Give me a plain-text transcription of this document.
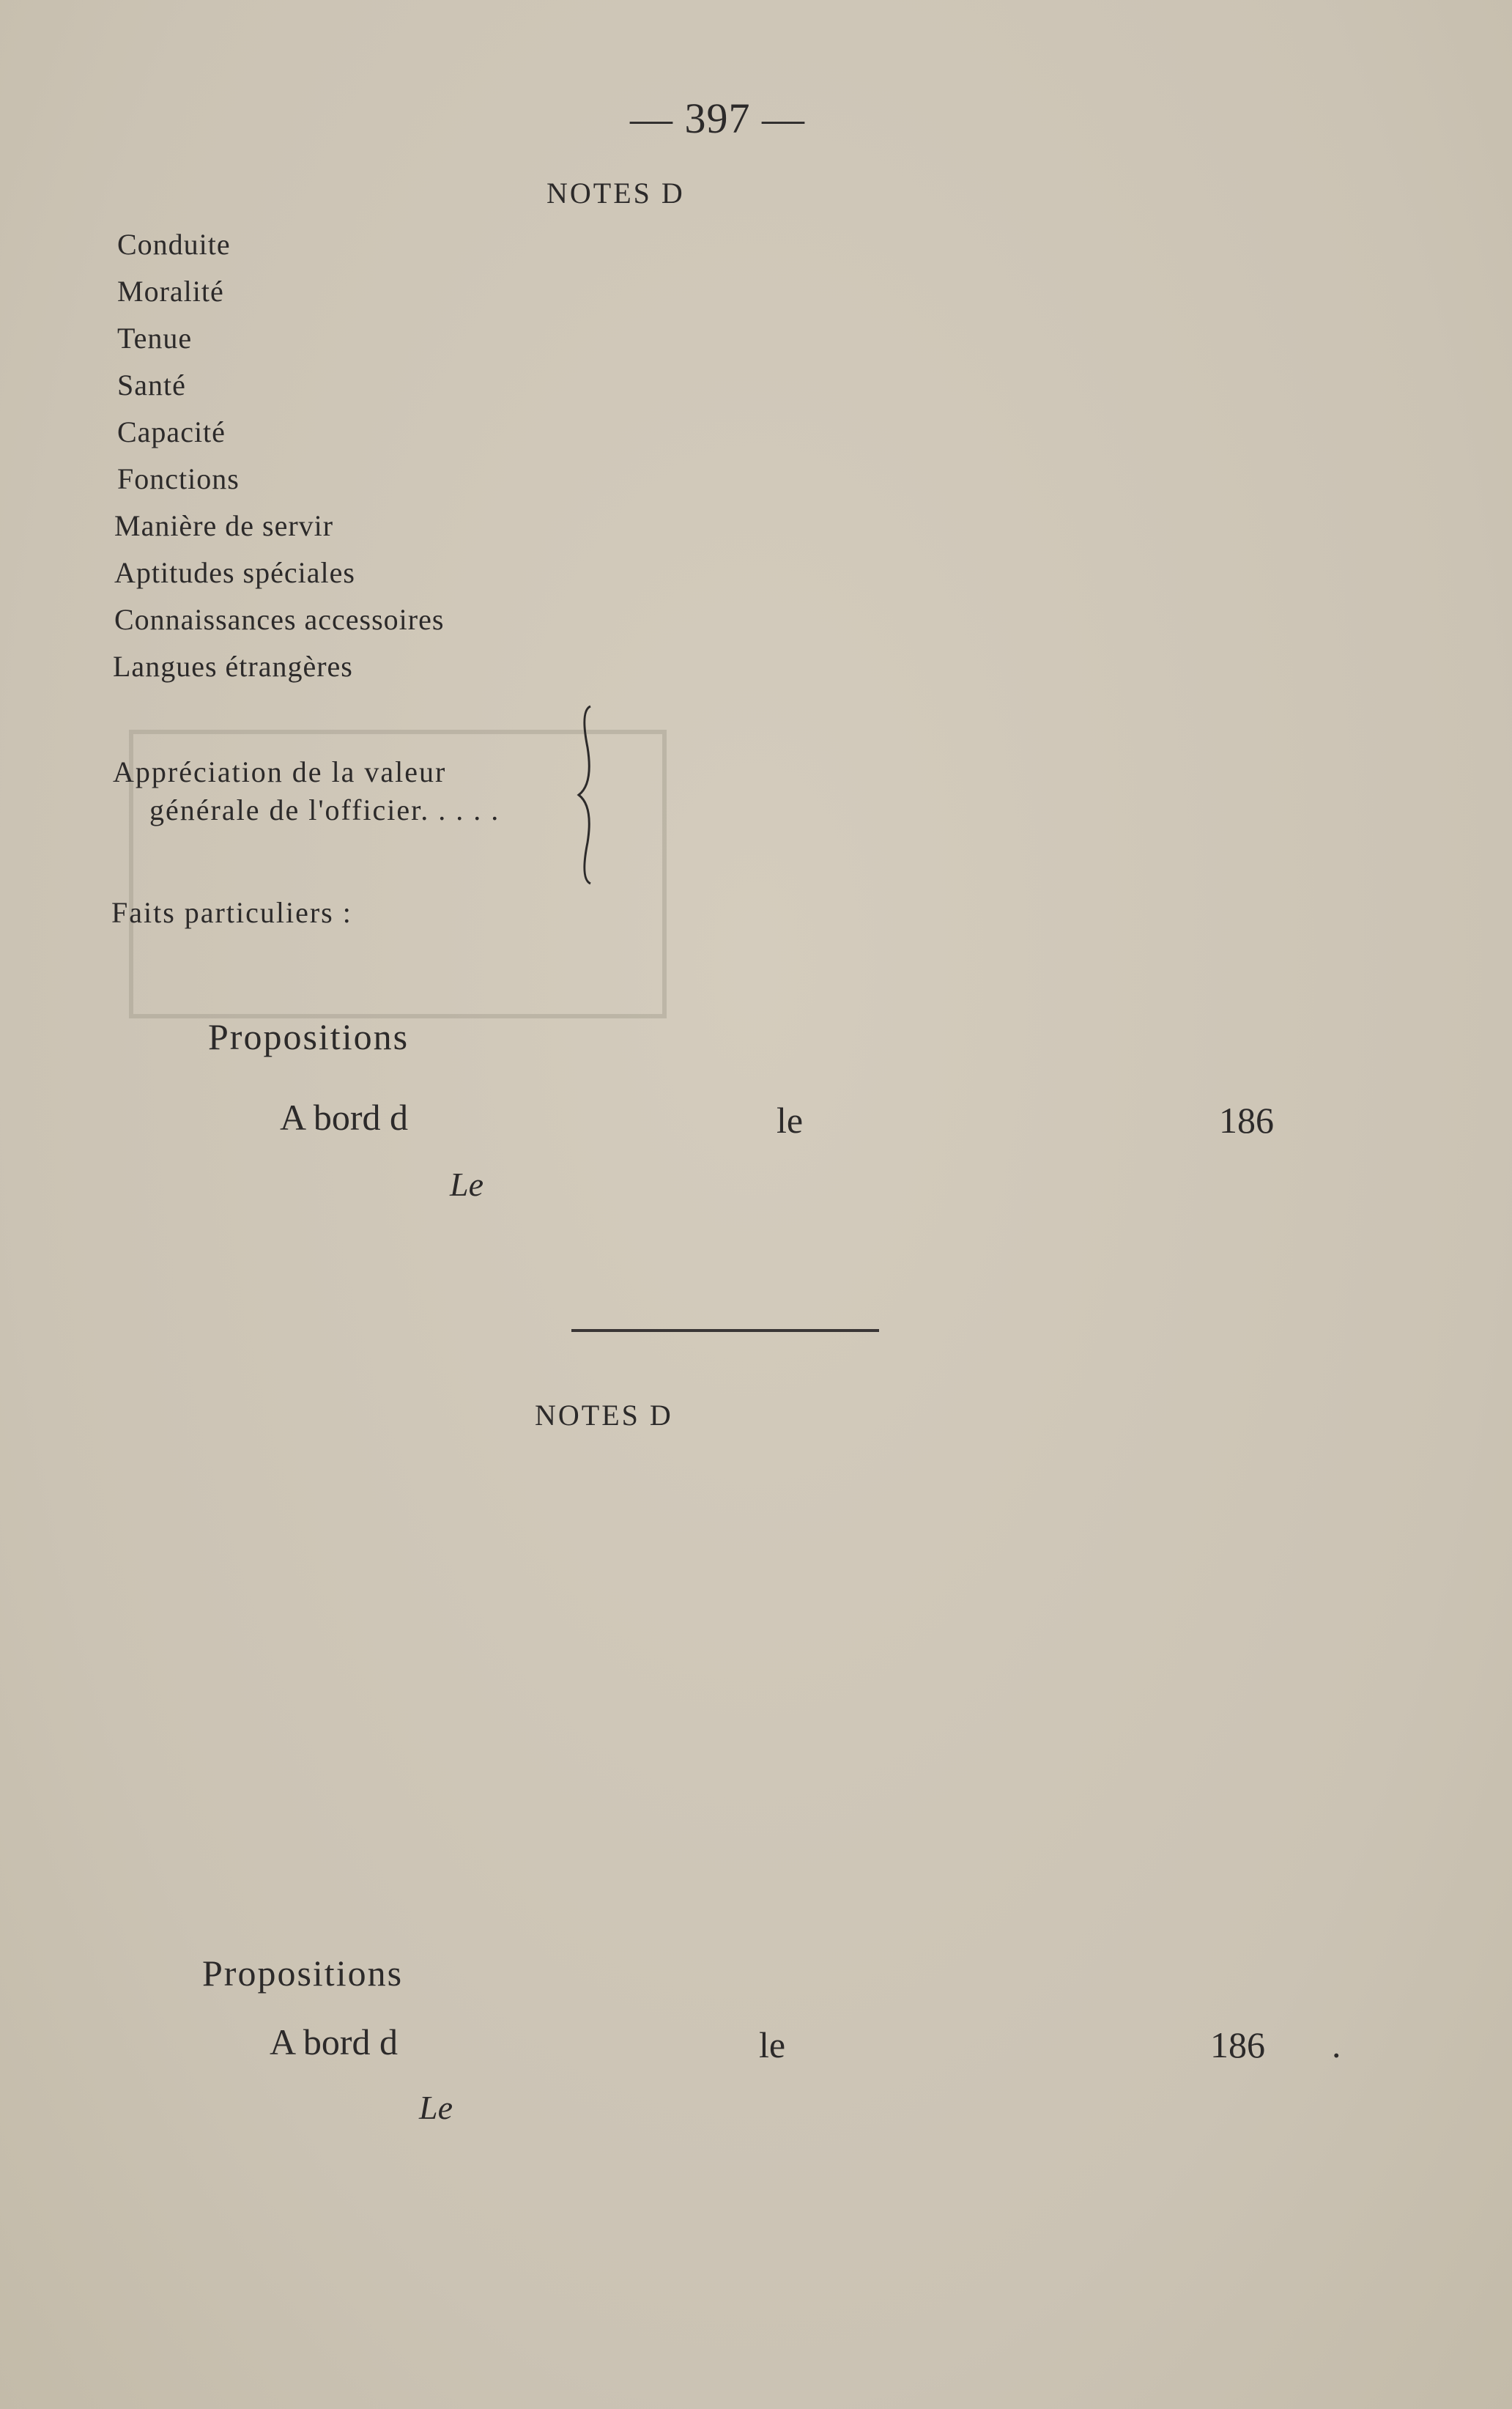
— 397 —
NOTES D
Conduite
Moralité
Tenue
Santé
Capacité
Fonctions
Manière de servir
Aptitudes spéciales
Connaissances accessoires
Langues étrangères
Appréciation de la valeur
générale de l'officier. . . . .
Faits particuliers :
Propositions
A bord d	le	186
Le
NOTES D
Propositions
A bord d	le	186 .
Le
